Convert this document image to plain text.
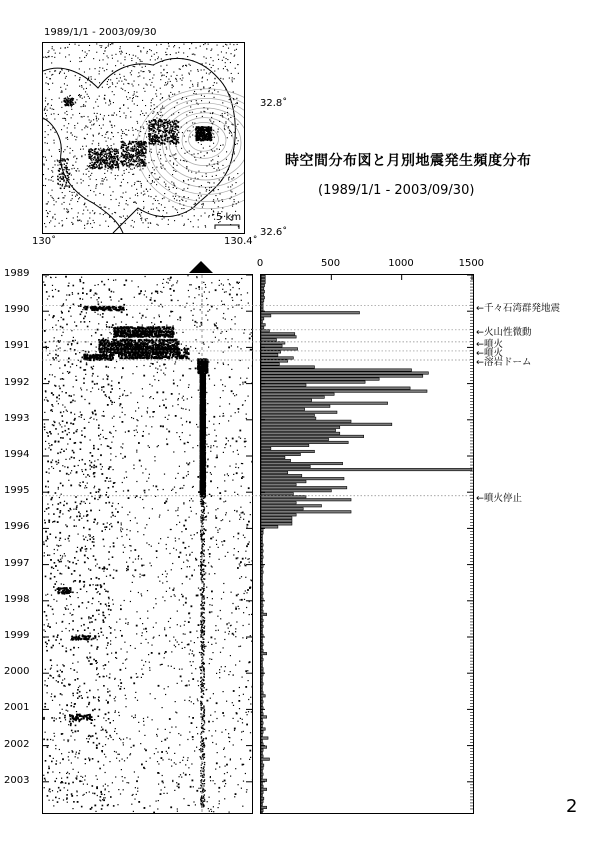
1989/1/1 - 2003/09/30
32.8˚
32.6˚
130˚	130.4˚
5 km
時空間分布図と月別地震発生頻度分布
(1989/1/1 - 2003/09/30)
1989
1990
1991
1992
1993
1994
1995
1996
1997
1998
1999
2000
2001
2002
2003
0	500	1000	1500
←千々石湾群発地震
←火山性微動
←噴火
←噴火
←溶岩ドーム
←噴火停止
2
